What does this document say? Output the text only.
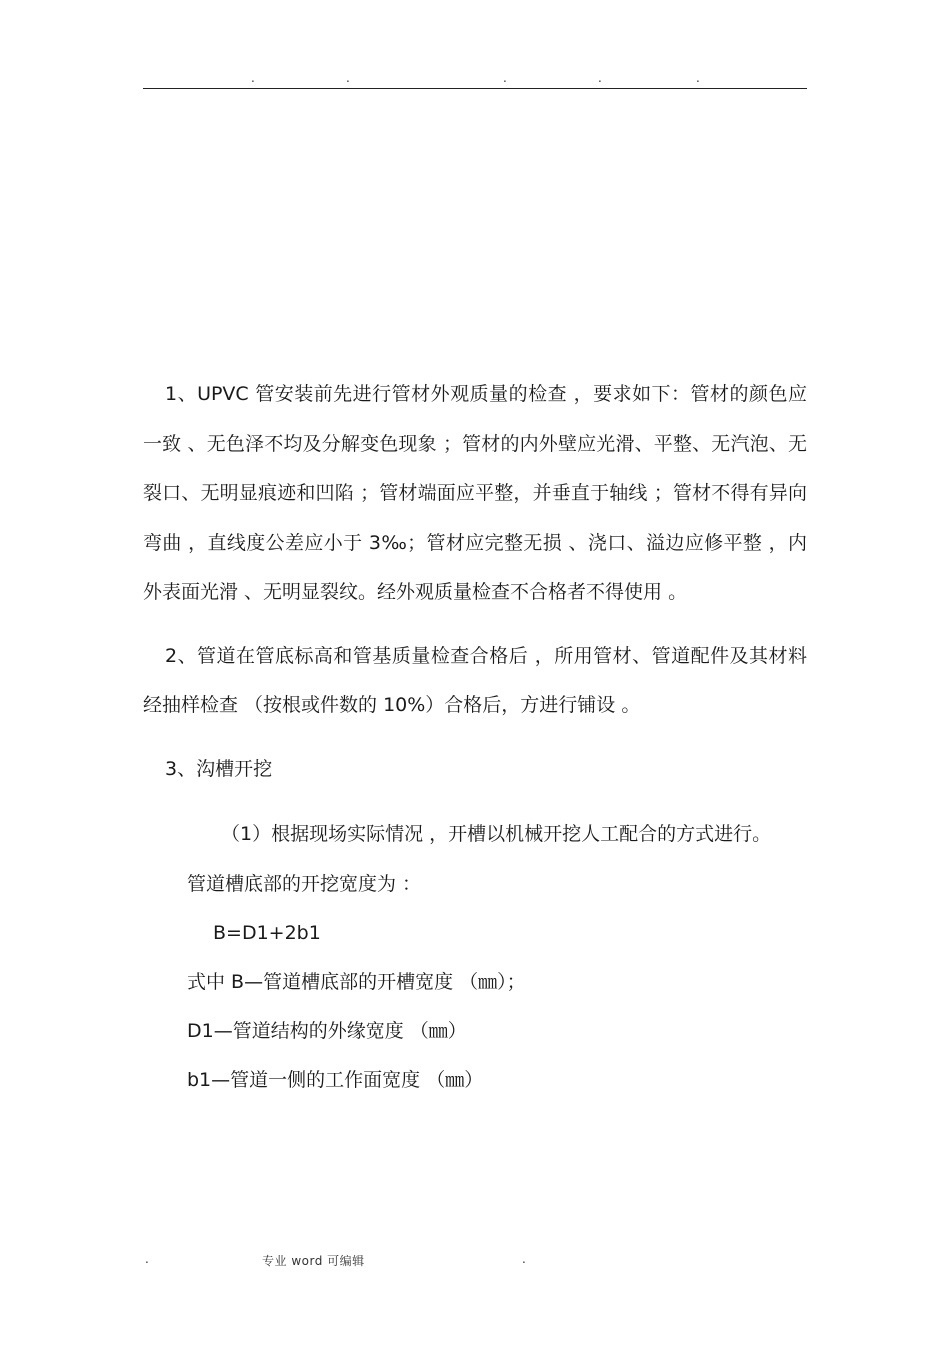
.	.	.	.	.

1、UPVC 管安装前先进行管材外观质量的检查 ，要求如下：管材的颜色应一致 、无色泽不均及分解变色现象 ；管材的内外壁应光滑、平整、无汽泡、无裂口、无明显痕迹和凹陷 ；管材端面应平整，并垂直于轴线 ；管材不得有异向弯曲 ，直线度公差应小于 3‰；管材应完整无损 、浇口、溢边应修平整 ，内外表面光滑 、无明显裂纹。经外观质量检查不合格者不得使用 。

2、管道在管底标高和管基质量检查合格后 ，所用管材、管道配件及其材料经抽样检查 （按根或件数的 10%）合格后，方进行铺设 。

3、沟槽开挖

（1）根据现场实际情况 ，开槽以机械开挖人工配合的方式进行。

管道槽底部的开挖宽度为 ：

B=D1+2b1

式中 B—管道槽底部的开槽宽度 （㎜）；

D1—管道结构的外缘宽度 （㎜）

b1—管道一侧的工作面宽度 （㎜）

.	专业 word 可编辑	.
